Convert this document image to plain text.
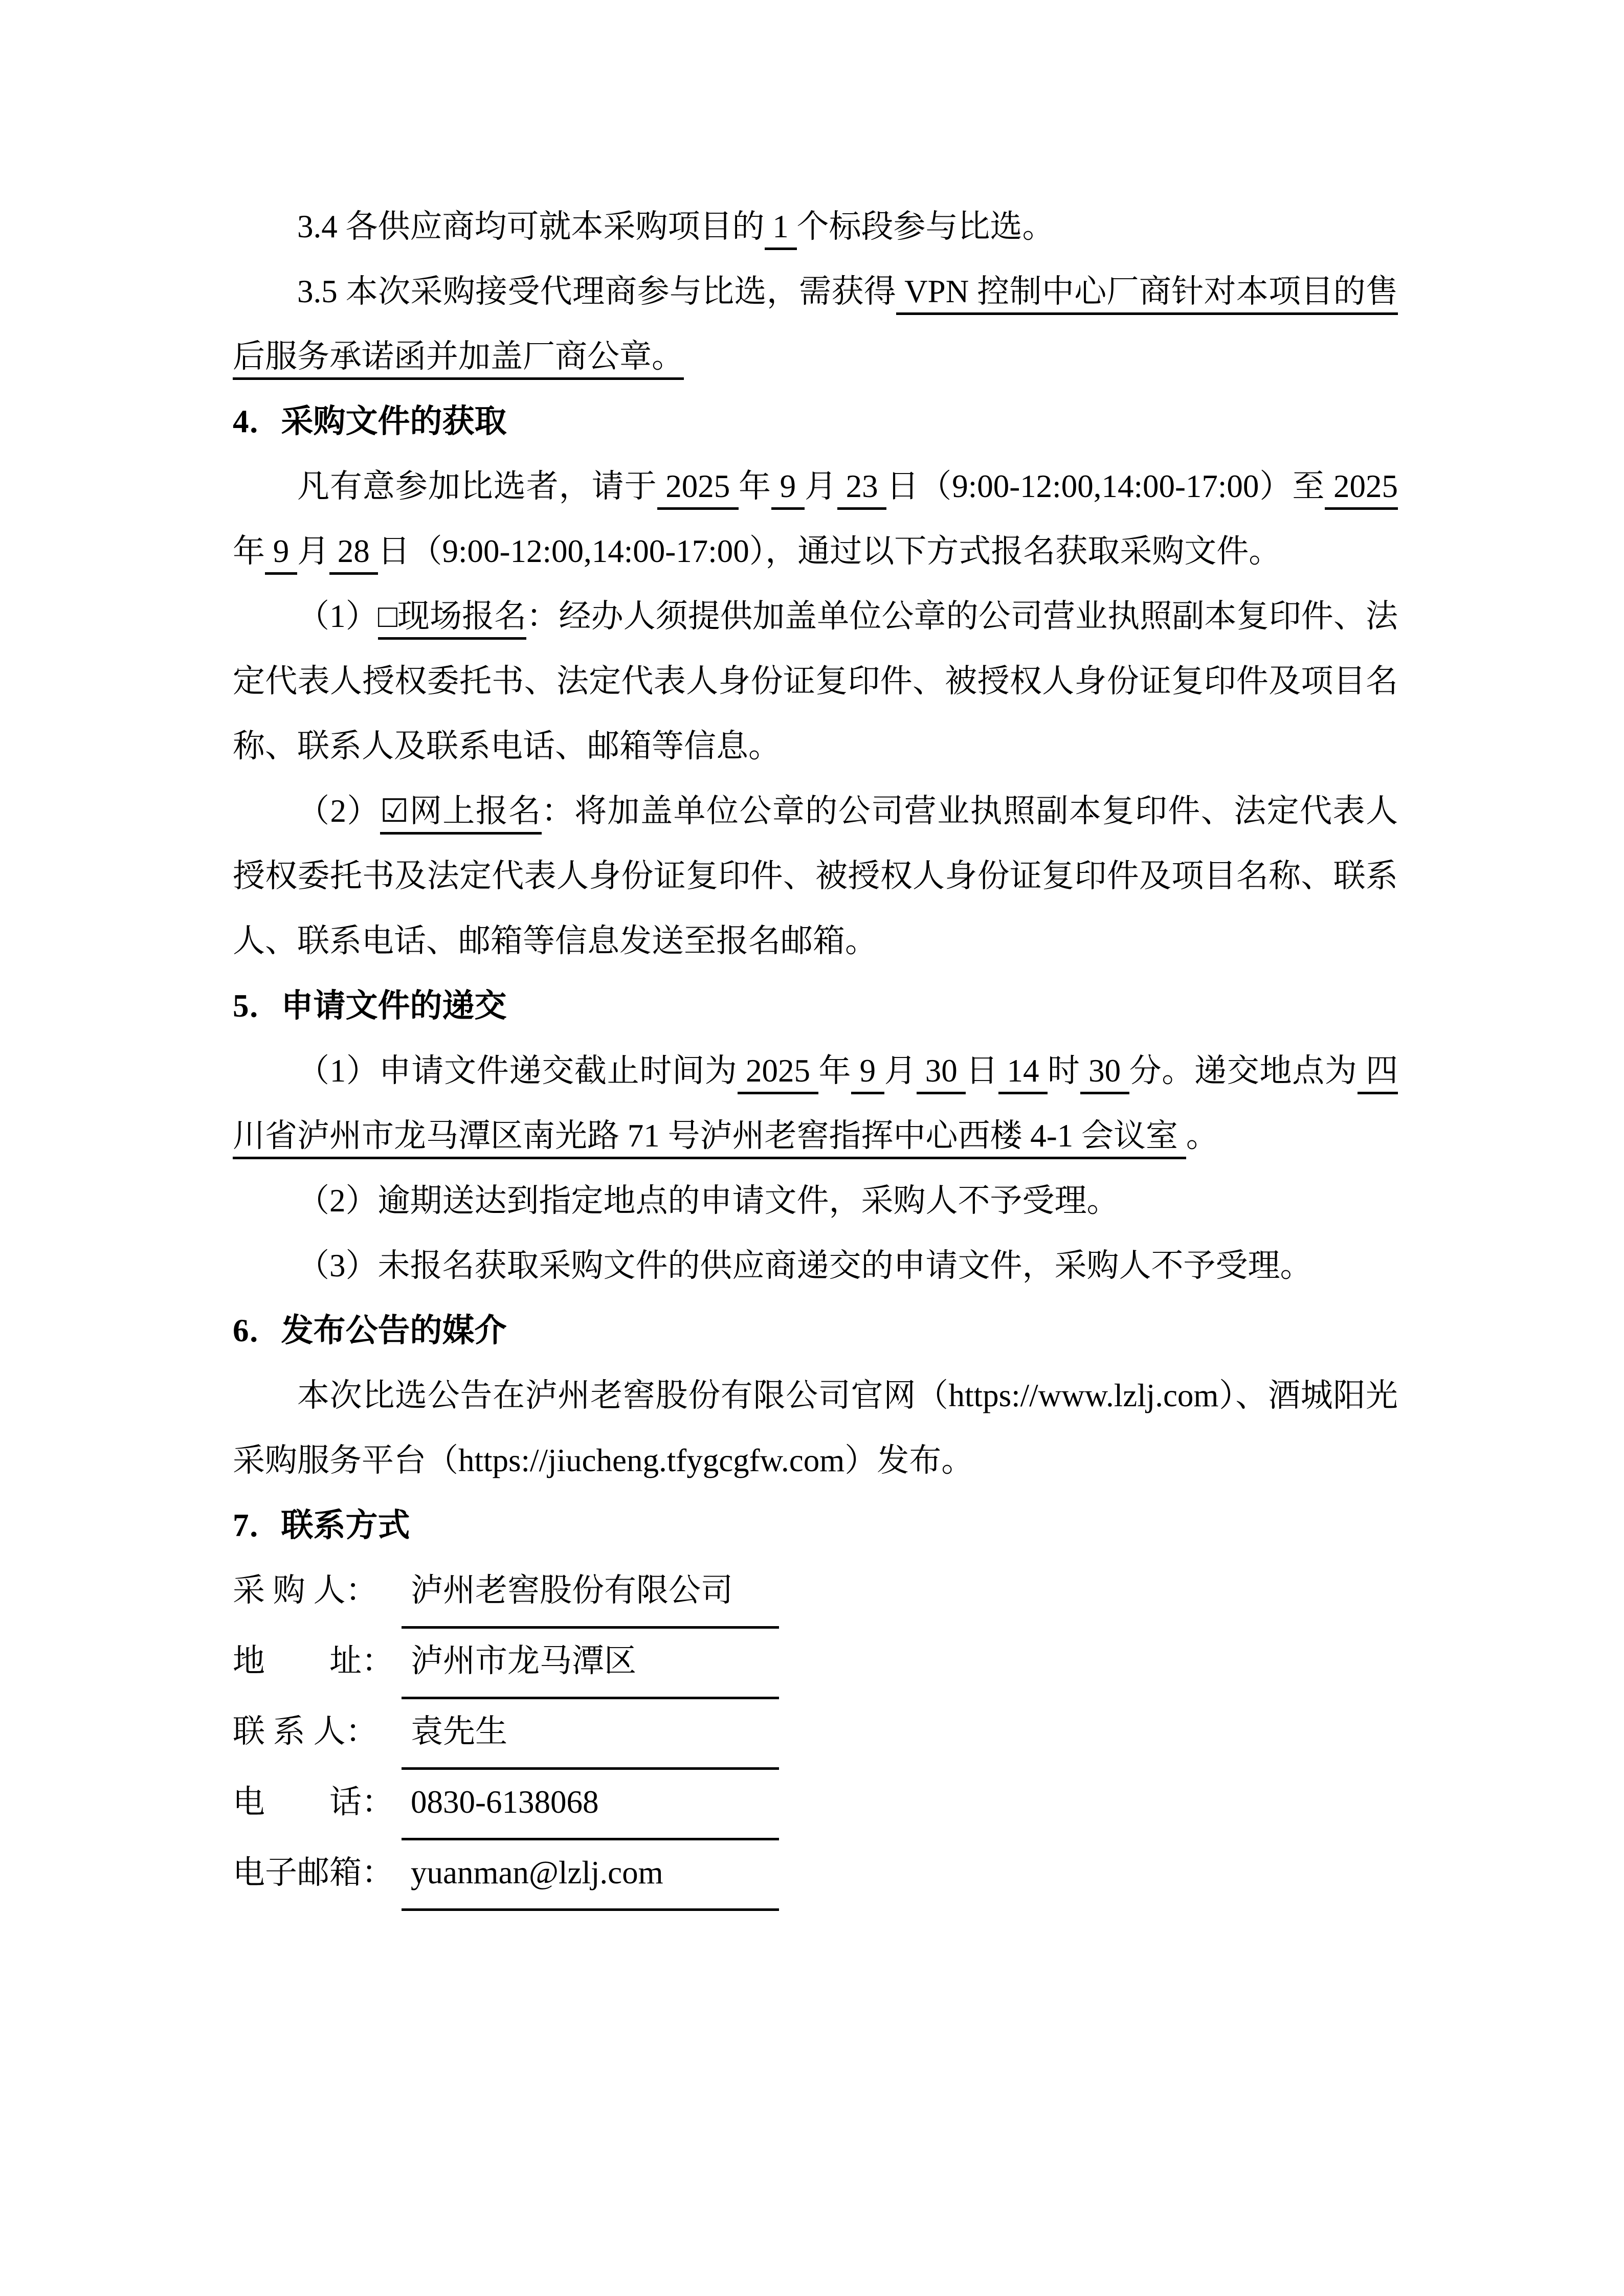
3.4 各供应商均可就本采购项目的 1 个标段参与比选。

3.5 本次采购接受代理商参与比选，需获得 VPN 控制中心厂商针对本项目的售后服务承诺函并加盖厂商公章。

4．采购文件的获取

凡有意参加比选者，请于 2025 年 9 月 23 日（9:00-12:00,14:00-17:00）至 2025 年 9 月 28 日（9:00-12:00,14:00-17:00），通过以下方式报名获取采购文件。

（1）□现场报名：经办人须提供加盖单位公章的公司营业执照副本复印件、法定代表人授权委托书、法定代表人身份证复印件、被授权人身份证复印件及项目名称、联系人及联系电话、邮箱等信息。

（2）☑网上报名：将加盖单位公章的公司营业执照副本复印件、法定代表人授权委托书及法定代表人身份证复印件、被授权人身份证复印件及项目名称、联系人、联系电话、邮箱等信息发送至报名邮箱。

5．申请文件的递交

（1）申请文件递交截止时间为 2025 年 9 月 30 日 14 时 30 分。递交地点为 四川省泸州市龙马潭区南光路 71 号泸州老窖指挥中心西楼 4-1 会议室 。

（2）逾期送达到指定地点的申请文件，采购人不予受理。

（3）未报名获取采购文件的供应商递交的申请文件，采购人不予受理。

6．发布公告的媒介

本次比选公告在泸州老窖股份有限公司官网（https://www.lzlj.com）、酒城阳光采购服务平台（https://jiucheng.tfygcgfw.com）发布。

7．联系方式

采 购 人： 泸州老窖股份有限公司

地　　址： 泸州市龙马潭区

联 系 人： 袁先生

电　　话： 0830-6138068

电子邮箱： yuanman@lzlj.com
